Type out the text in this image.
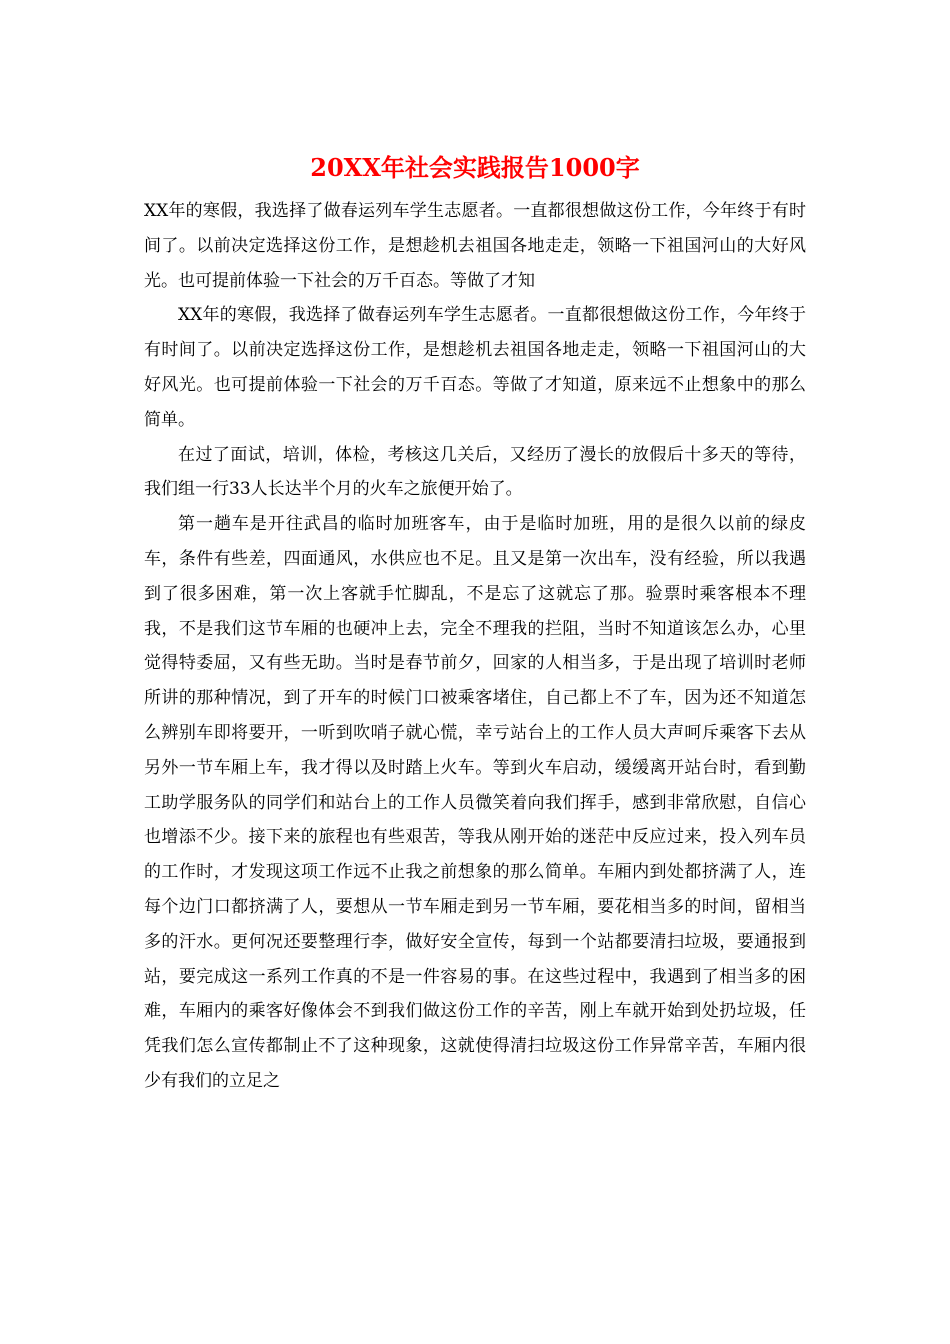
20XX年社会实践报告1000字

XX年的寒假，我选择了做春运列车学生志愿者。一直都很想做这份工作，今年终于有时间了。以前决定选择这份工作，是想趁机去祖国各地走走，领略一下祖国河山的大好风光。也可提前体验一下社会的万千百态。等做了才知

XX年的寒假，我选择了做春运列车学生志愿者。一直都很想做这份工作，今年终于有时间了。以前决定选择这份工作，是想趁机去祖国各地走走，领略一下祖国河山的大好风光。也可提前体验一下社会的万千百态。等做了才知道，原来远不止想象中的那么简单。

在过了面试，培训，体检，考核这几关后，又经历了漫长的放假后十多天的等待，我们组一行33人长达半个月的火车之旅便开始了。

第一趟车是开往武昌的临时加班客车，由于是临时加班，用的是很久以前的绿皮车，条件有些差，四面通风，水供应也不足。且又是第一次出车，没有经验，所以我遇到了很多困难，第一次上客就手忙脚乱，不是忘了这就忘了那。验票时乘客根本不理我，不是我们这节车厢的也硬冲上去，完全不理我的拦阻，当时不知道该怎么办，心里觉得特委屈，又有些无助。当时是春节前夕，回家的人相当多，于是出现了培训时老师所讲的那种情况，到了开车的时候门口被乘客堵住，自己都上不了车，因为还不知道怎么辨别车即将要开，一听到吹哨子就心慌，幸亏站台上的工作人员大声呵斥乘客下去从另外一节车厢上车，我才得以及时踏上火车。等到火车启动，缓缓离开站台时，看到勤工助学服务队的同学们和站台上的工作人员微笑着向我们挥手，感到非常欣慰，自信心也增添不少。接下来的旅程也有些艰苦，等我从刚开始的迷茫中反应过来，投入列车员的工作时，才发现这项工作远不止我之前想象的那么简单。车厢内到处都挤满了人，连每个边门口都挤满了人，要想从一节车厢走到另一节车厢，要花相当多的时间，留相当多的汗水。更何况还要整理行李，做好安全宣传，每到一个站都要清扫垃圾，要通报到站，要完成这一系列工作真的不是一件容易的事。在这些过程中，我遇到了相当多的困难，车厢内的乘客好像体会不到我们做这份工作的辛苦，刚上车就开始到处扔垃圾，任凭我们怎么宣传都制止不了这种现象，这就使得清扫垃圾这份工作异常辛苦，车厢内很少有我们的立足之
